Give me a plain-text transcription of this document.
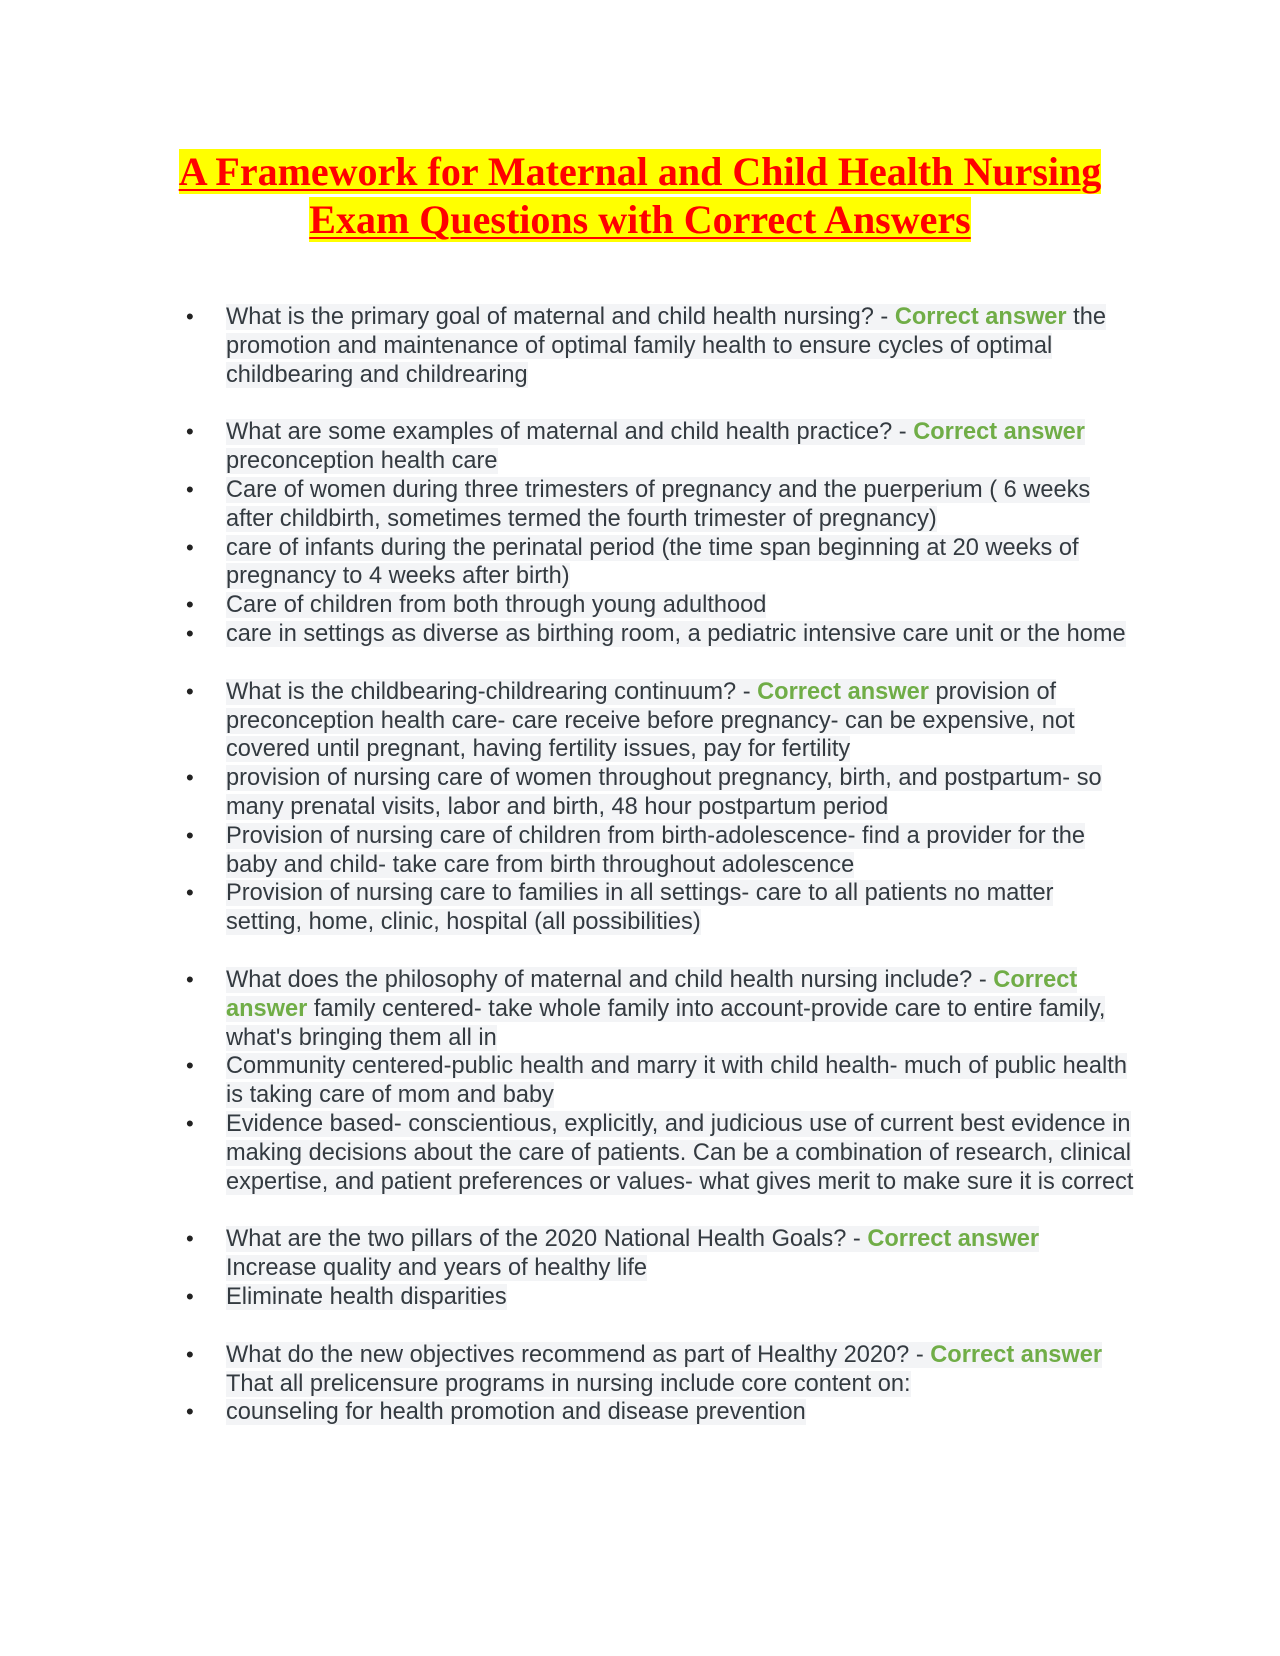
A Framework for Maternal and Child Health Nursing
Exam Questions with Correct Answers
• What is the primary goal of maternal and child health nursing? - Correct answer the promotion and maintenance of optimal family health to ensure cycles of optimal childbearing and childrearing
• What are some examples of maternal and child health practice? - Correct answer preconception health care
• Care of women during three trimesters of pregnancy and the puerperium ( 6 weeks after childbirth, sometimes termed the fourth trimester of pregnancy)
• care of infants during the perinatal period (the time span beginning at 20 weeks of pregnancy to 4 weeks after birth)
• Care of children from both through young adulthood
• care in settings as diverse as birthing room, a pediatric intensive care unit or the home
• What is the childbearing-childrearing continuum? - Correct answer provision of preconception health care- care receive before pregnancy- can be expensive, not covered until pregnant, having fertility issues, pay for fertility
• provision of nursing care of women throughout pregnancy, birth, and postpartum- so many prenatal visits, labor and birth, 48 hour postpartum period
• Provision of nursing care of children from birth-adolescence- find a provider for the baby and child- take care from birth throughout adolescence
• Provision of nursing care to families in all settings- care to all patients no matter setting, home, clinic, hospital (all possibilities)
• What does the philosophy of maternal and child health nursing include? - Correct answer family centered- take whole family into account-provide care to entire family, what's bringing them all in
• Community centered-public health and marry it with child health- much of public health is taking care of mom and baby
• Evidence based- conscientious, explicitly, and judicious use of current best evidence in making decisions about the care of patients. Can be a combination of research, clinical expertise, and patient preferences or values- what gives merit to make sure it is correct
• What are the two pillars of the 2020 National Health Goals? - Correct answer Increase quality and years of healthy life
• Eliminate health disparities
• What do the new objectives recommend as part of Healthy 2020? - Correct answer That all prelicensure programs in nursing include core content on:
• counseling for health promotion and disease prevention
